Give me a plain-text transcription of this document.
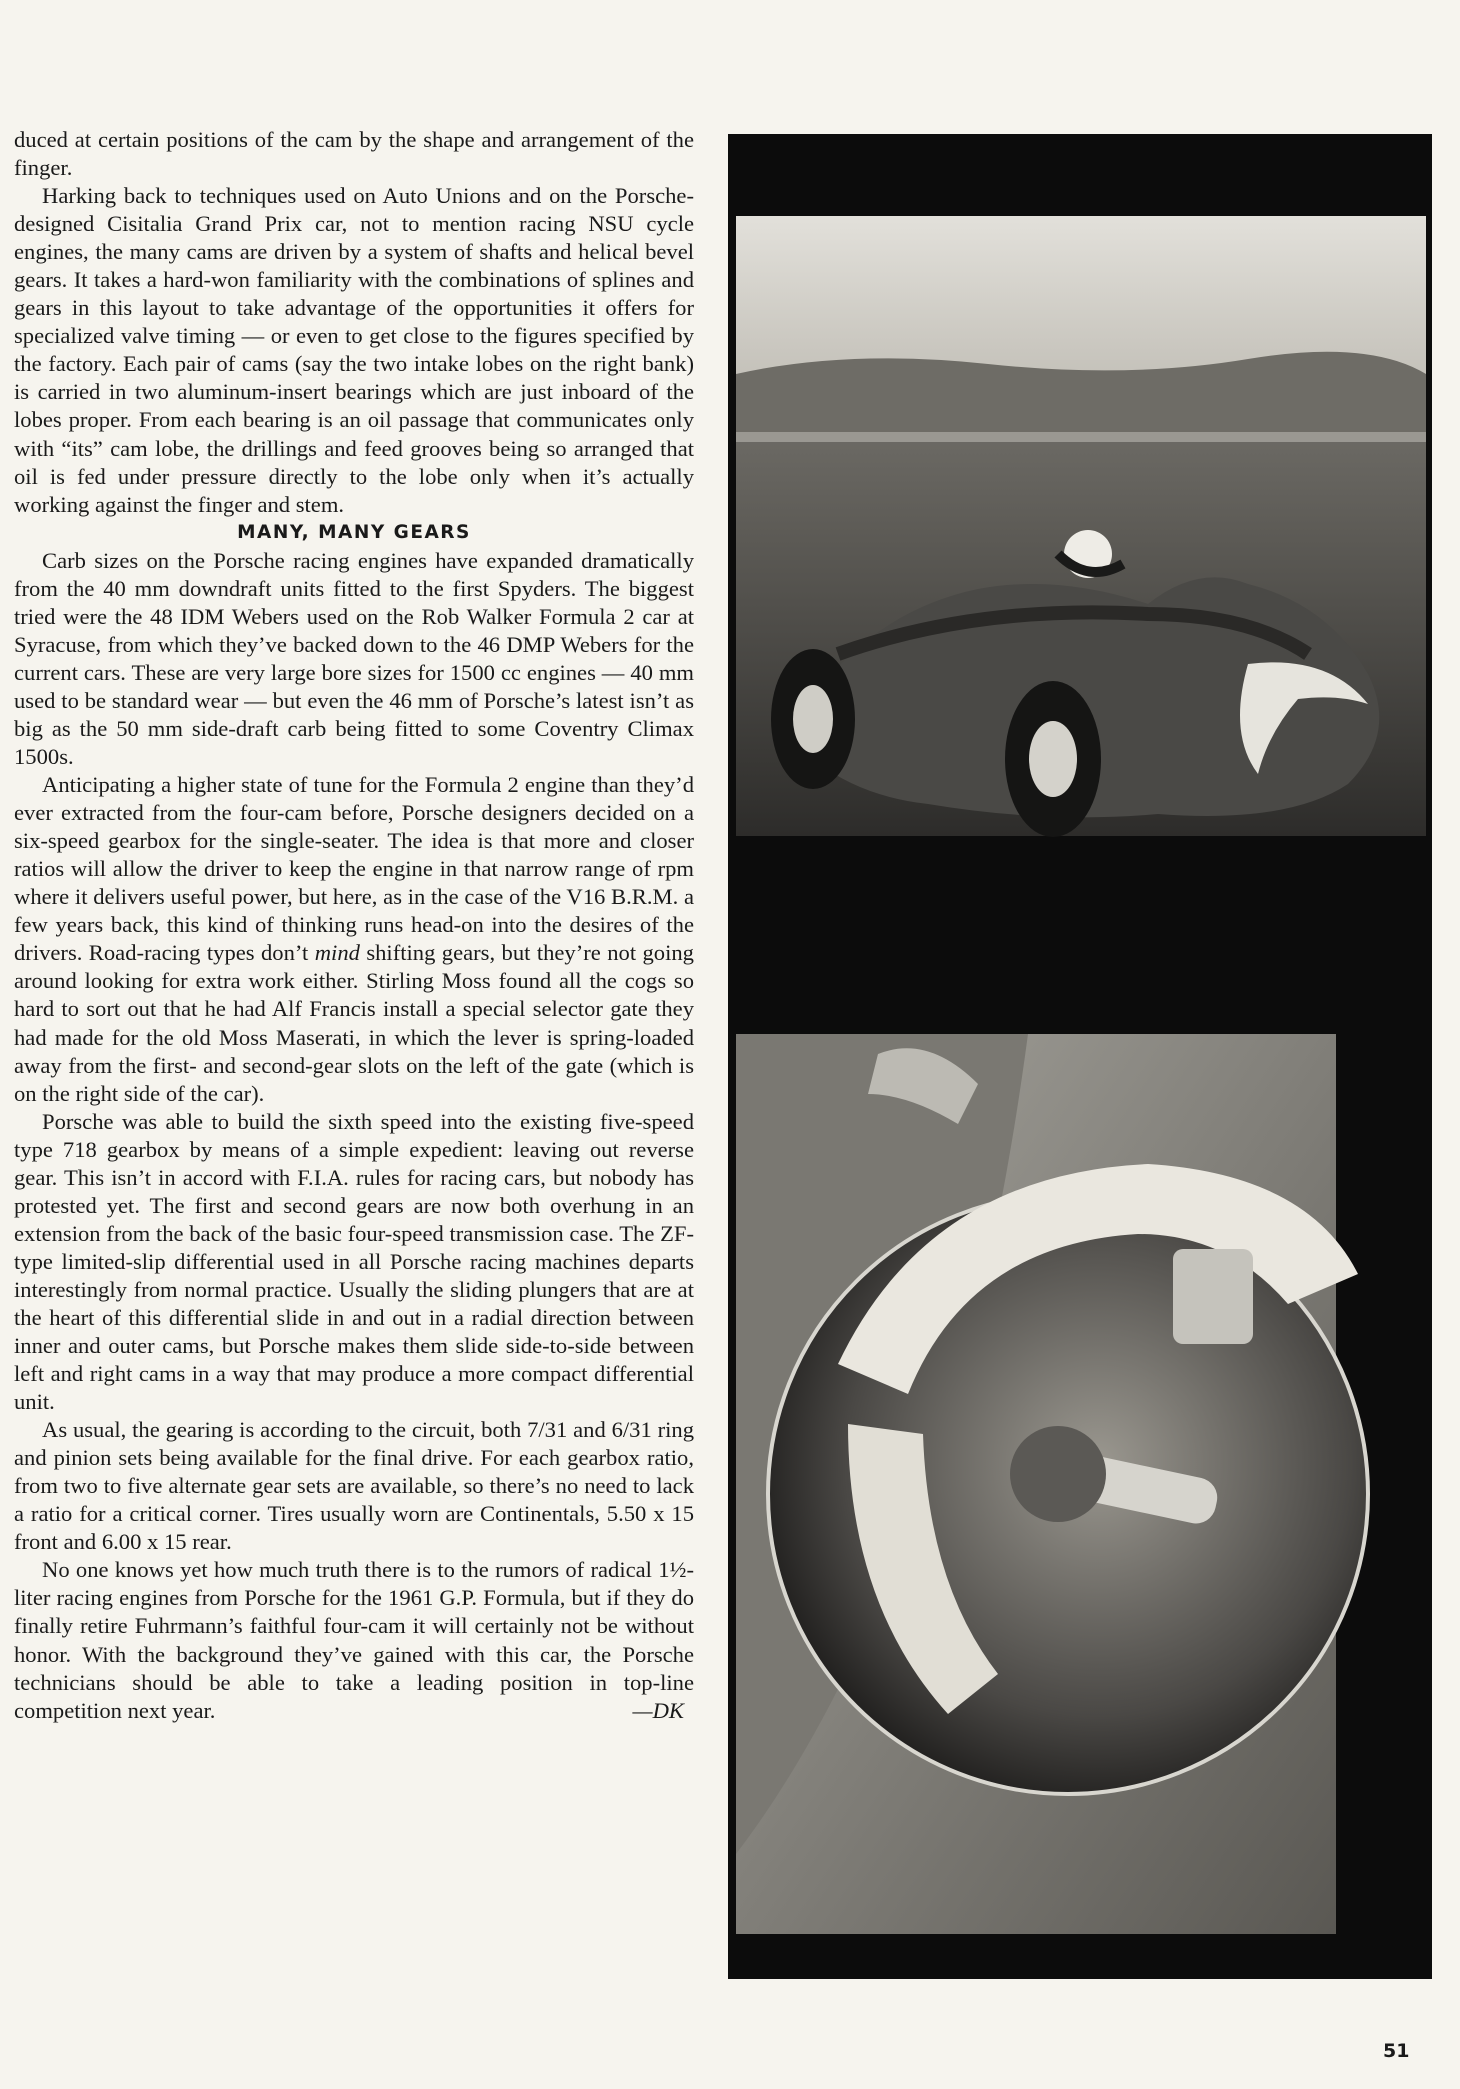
duced at certain positions of the cam by the shape and arrangement of the finger.

Harking back to techniques used on Auto Unions and on the Porsche-designed Cisitalia Grand Prix car, not to mention racing NSU cycle engines, the many cams are driven by a system of shafts and helical bevel gears. It takes a hard-won familiarity with the combinations of splines and gears in this layout to take advantage of the opportunities it offers for specialized valve timing — or even to get close to the figures specified by the factory. Each pair of cams (say the two intake lobes on the right bank) is carried in two aluminum-insert bearings which are just inboard of the lobes proper. From each bearing is an oil passage that communicates only with “its” cam lobe, the drillings and feed grooves being so arranged that oil is fed under pressure directly to the lobe only when it’s actually working against the finger and stem.

MANY, MANY GEARS

Carb sizes on the Porsche racing engines have expanded dramatically from the 40 mm downdraft units fitted to the first Spyders. The biggest tried were the 48 IDM Webers used on the Rob Walker Formula 2 car at Syracuse, from which they’ve backed down to the 46 DMP Webers for the current cars. These are very large bore sizes for 1500 cc engines — 40 mm used to be standard wear — but even the 46 mm of Porsche’s latest isn’t as big as the 50 mm side-draft carb being fitted to some Coventry Climax 1500s.

Anticipating a higher state of tune for the Formula 2 engine than they’d ever extracted from the four-cam before, Porsche designers decided on a six-speed gearbox for the single-seater. The idea is that more and closer ratios will allow the driver to keep the engine in that narrow range of rpm where it delivers useful power, but here, as in the case of the V16 B.R.M. a few years back, this kind of thinking runs head-on into the desires of the drivers. Road-racing types don’t mind shifting gears, but they’re not going around looking for extra work either. Stirling Moss found all the cogs so hard to sort out that he had Alf Francis install a special selector gate they had made for the old Moss Maserati, in which the lever is spring-loaded away from the first- and second-gear slots on the left of the gate (which is on the right side of the car).

Porsche was able to build the sixth speed into the existing five-speed type 718 gearbox by means of a simple expedient: leaving out reverse gear. This isn’t in accord with F.I.A. rules for racing cars, but nobody has protested yet. The first and second gears are now both overhung in an extension from the back of the basic four-speed transmission case. The ZF-type limited-slip differential used in all Porsche racing machines departs interestingly from normal practice. Usually the sliding plungers that are at the heart of this differential slide in and out in a radial direction between inner and outer cams, but Porsche makes them slide side-to-side between left and right cams in a way that may produce a more compact differential unit.

As usual, the gearing is according to the circuit, both 7/31 and 6/31 ring and pinion sets being available for the final drive. For each gearbox ratio, from two to five alternate gear sets are available, so there’s no need to lack a ratio for a critical corner. Tires usually worn are Continentals, 5.50 x 15 front and 6.00 x 15 rear.

No one knows yet how much truth there is to the rumors of radical 1½-liter racing engines from Porsche for the 1961 G.P. Formula, but if they do finally retire Fuhrmann’s faithful four-cam it will certainly not be without honor. With the background they’ve gained with this car, the Porsche technicians should be able to take a leading position in top-line competition next year.	—DK

51
